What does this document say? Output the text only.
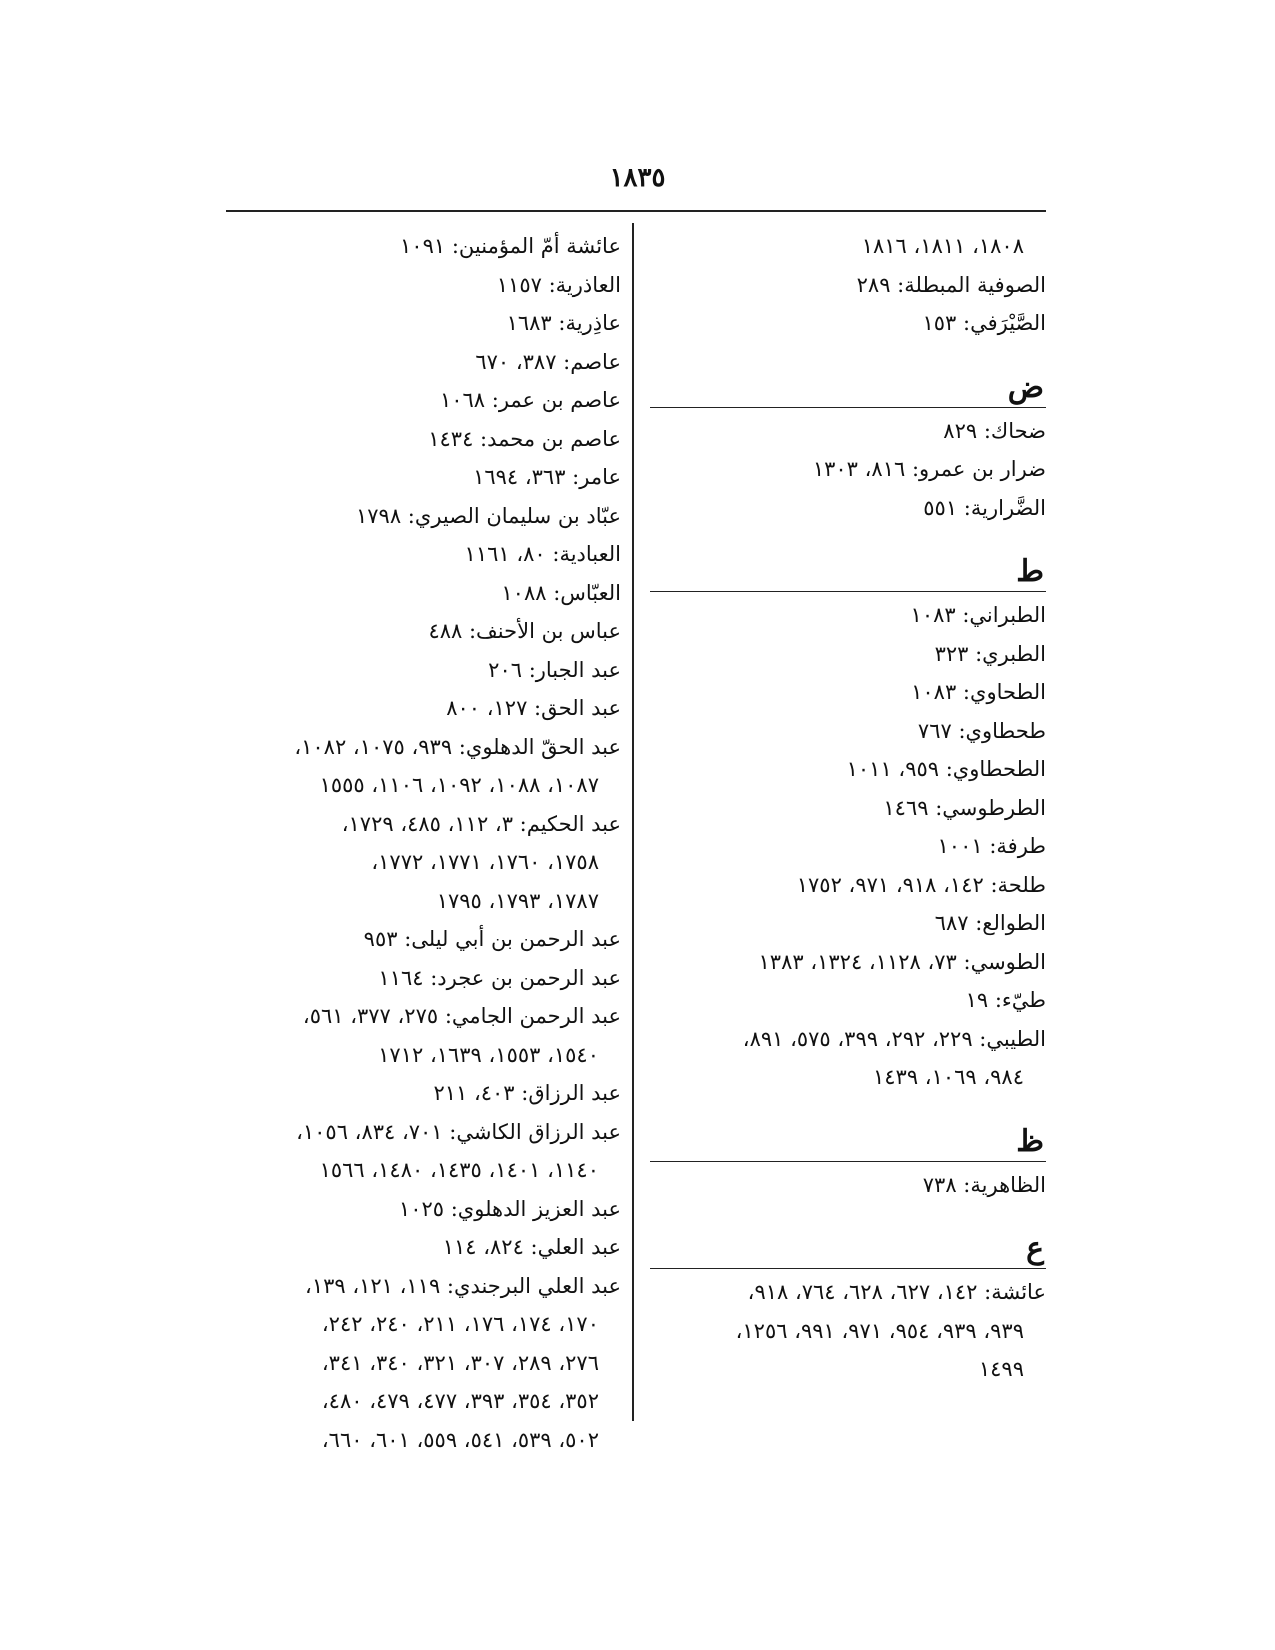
١٨٣٥
١٨٠٨، ١٨١١، ١٨١٦
الصوفية المبطلة: ٢٨٩
الصَّيْرَفي: ١٥٣
ض
ضحاك: ٨٢٩
ضرار بن عمرو: ٨١٦، ١٣٠٣
الضَّرارية: ٥٥١
ط
الطبراني: ١٠٨٣
الطبري: ٣٢٣
الطحاوي: ١٠٨٣
طحطاوي: ٧٦٧
الطحطاوي: ٩٥٩، ١٠١١
الطرطوسي: ١٤٦٩
طرفة: ١٠٠١
طلحة: ١٤٢، ٩١٨، ٩٧١، ١٧٥٢
الطوالع: ٦٨٧
الطوسي: ٧٣، ١١٢٨، ١٣٢٤، ١٣٨٣
طيّء: ١٩
الطيبي: ٢٢٩، ٢٩٢، ٣٩٩، ٥٧٥، ٨٩١،
٩٨٤، ١٠٦٩، ١٤٣٩
ظ
الظاهرية: ٧٣٨
ع
عائشة: ١٤٢، ٦٢٧، ٦٢٨، ٧٦٤، ٩١٨،
٩٣٩، ٩٣٩، ٩٥٤، ٩٧١، ٩٩١، ١٢٥٦،
١٤٩٩
عائشة أمّ المؤمنين: ١٠٩١
العاذرية: ١١٥٧
عاذِرية: ١٦٨٣
عاصم: ٣٨٧، ٦٧٠
عاصم بن عمر: ١٠٦٨
عاصم بن محمد: ١٤٣٤
عامر: ٣٦٣، ١٦٩٤
عبّاد بن سليمان الصيري: ١٧٩٨
العبادية: ٨٠، ١١٦١
العبّاس: ١٠٨٨
عباس بن الأحنف: ٤٨٨
عبد الجبار: ٢٠٦
عبد الحق: ١٢٧، ٨٠٠
عبد الحقّ الدهلوي: ٩٣٩، ١٠٧٥، ١٠٨٢،
١٠٨٧، ١٠٨٨، ١٠٩٢، ١١٠٦، ١٥٥٥
عبد الحكيم: ٣، ١١٢، ٤٨٥، ١٧٢٩،
١٧٥٨، ١٧٦٠، ١٧٧١، ١٧٧٢،
١٧٨٧، ١٧٩٣، ١٧٩٥
عبد الرحمن بن أبي ليلى: ٩٥٣
عبد الرحمن بن عجرد: ١١٦٤
عبد الرحمن الجامي: ٢٧٥، ٣٧٧، ٥٦١،
١٥٤٠، ١٥٥٣، ١٦٣٩، ١٧١٢
عبد الرزاق: ٤٠٣، ٢١١
عبد الرزاق الكاشي: ٧٠١، ٨٣٤، ١٠٥٦،
١١٤٠، ١٤٠١، ١٤٣٥، ١٤٨٠، ١٥٦٦
عبد العزيز الدهلوي: ١٠٢٥
عبد العلي: ٨٢٤، ١١٤
عبد العلي البرجندي: ١١٩، ١٢١، ١٣٩،
١٧٠، ١٧٤، ١٧٦، ٢١١، ٢٤٠، ٢٤٢،
٢٧٦، ٢٨٩، ٣٠٧، ٣٢١، ٣٤٠، ٣٤١،
٣٥٢، ٣٥٤، ٣٩٣، ٤٧٧، ٤٧٩، ٤٨٠،
٥٠٢، ٥٣٩، ٥٤١، ٥٥٩، ٦٠١، ٦٦٠،
